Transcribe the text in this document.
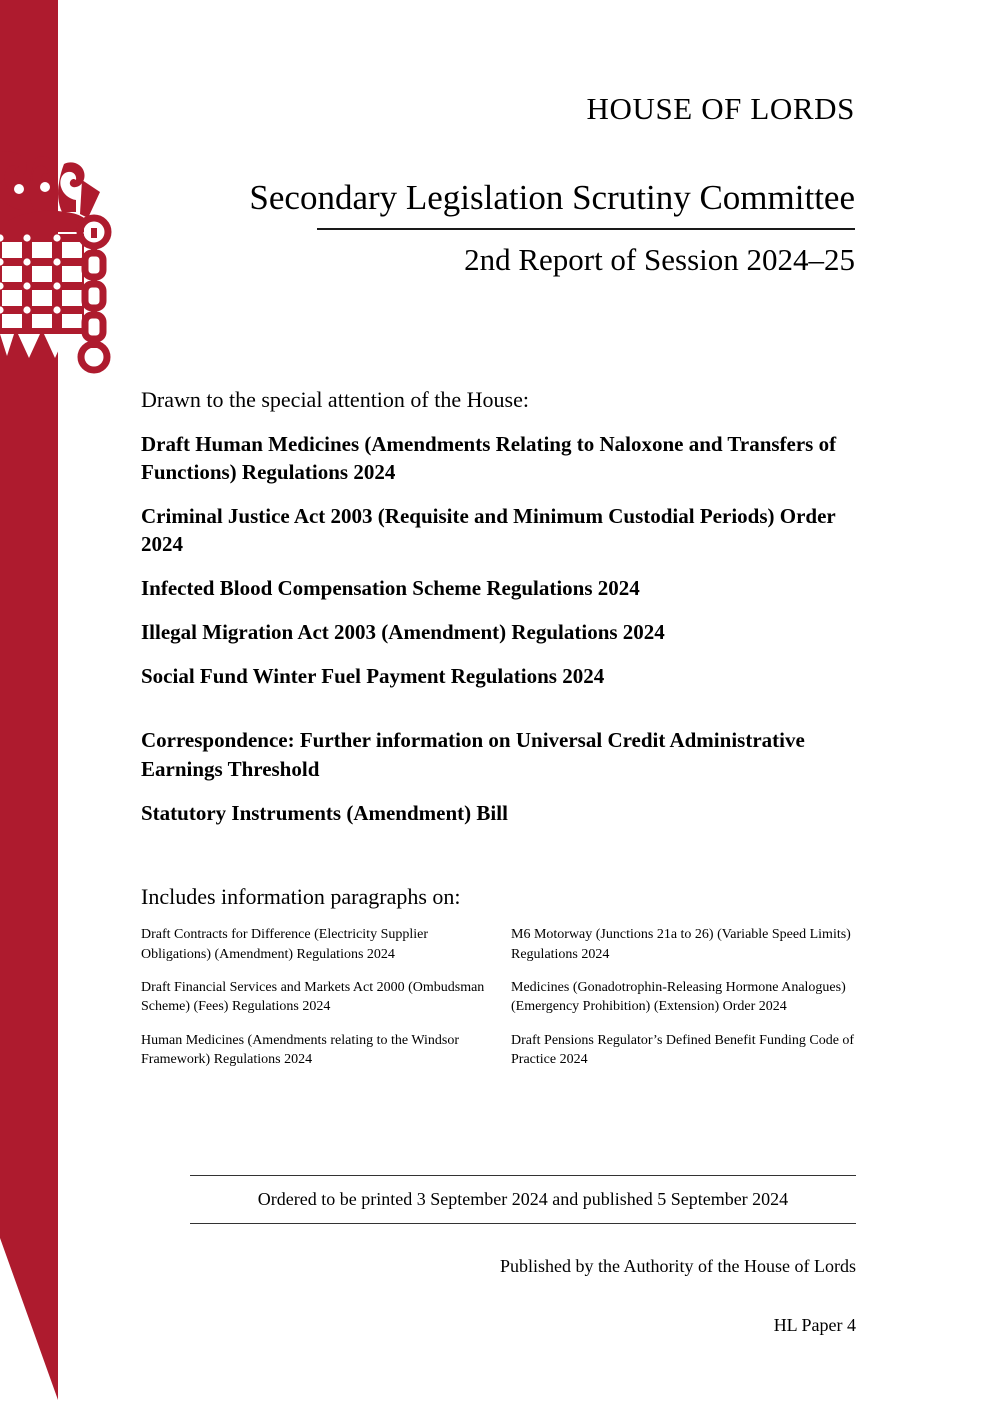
HOUSE OF LORDS
Secondary Legislation Scrutiny Committee
2nd Report of Session 2024–25
Drawn to the special attention of the House:
Draft Human Medicines (Amendments Relating to Naloxone and Transfers of Functions) Regulations 2024
Criminal Justice Act 2003 (Requisite and Minimum Custodial Periods) Order 2024
Infected Blood Compensation Scheme Regulations 2024
Illegal Migration Act 2003 (Amendment) Regulations 2024
Social Fund Winter Fuel Payment Regulations 2024
Correspondence: Further information on Universal Credit Administrative Earnings Threshold
Statutory Instruments (Amendment) Bill
Includes information paragraphs on:
Draft Contracts for Difference (Electricity Supplier Obligations) (Amendment) Regulations 2024
Draft Financial Services and Markets Act 2000 (Ombudsman Scheme) (Fees) Regulations 2024
Human Medicines (Amendments relating to the Windsor Framework) Regulations 2024
M6 Motorway (Junctions 21a to 26) (Variable Speed Limits) Regulations 2024
Medicines (Gonadotrophin-Releasing Hormone Analogues) (Emergency Prohibition) (Extension) Order 2024
Draft Pensions Regulator’s Defined Benefit Funding Code of Practice 2024
Ordered to be printed 3 September 2024 and published 5 September 2024
Published by the Authority of the House of Lords
HL Paper 4
